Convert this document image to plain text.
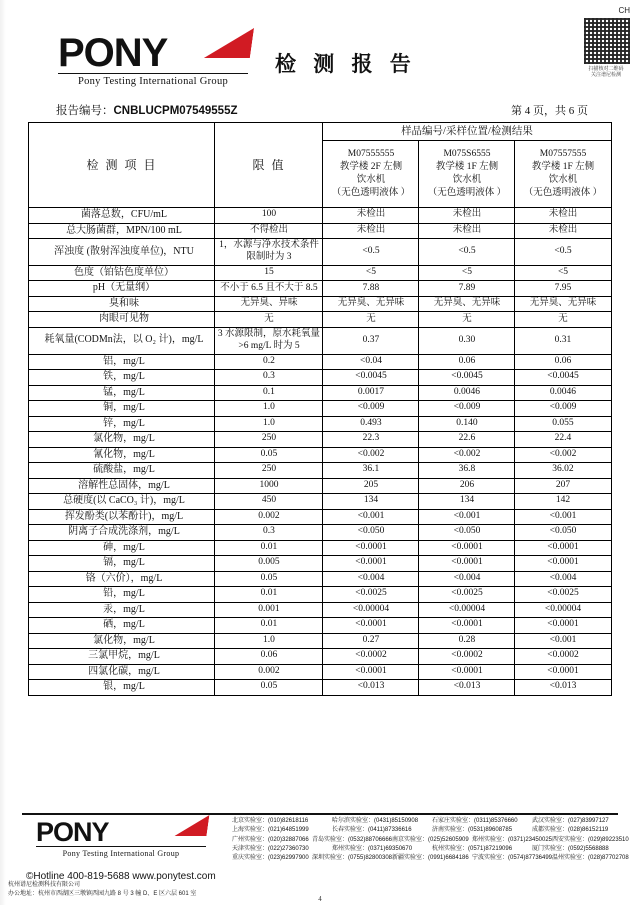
CH
扫描核对二维码
关注谱尼检测
PONY
Pony Testing International Group
检 测 报 告
报告编号：CNBLUCPM07549555Z	第 4 页，共 6 页
检 测 项 目	限 值	样品编号/采样位置/检测结果		

M07555555
教学楼 2F 左侧
饮水机
（无色透明液体 ）

M075S6555
教学楼 1F 左侧
饮水机
（无色透明液体 ）

M07557555
教学楼 1F 左侧
饮水机
（无色透明液体 ）

菌落总数，CFU/mL	100	未检出	未检出	未检出
总大肠菌群，MPN/100 mL	不得检出	未检出	未检出	未检出
浑浊度 (散射浑浊度单位)，NTU	1，水源与净水技术条件限制时为 3	<0.5	<0.5	<0.5
色度（铂钴色度单位）	15	<5	<5	<5
pH（无量纲）	不小于 6.5 且不大于 8.5	7.88	7.89	7.95
臭和味	无异臭、异味	无异臭、无异味	无异臭、无异味	无异臭、无异味
肉眼可见物	无	无	无	无
耗氧量(CODMn法，以 O₂ 计)，mg/L	3 水源限制，原水耗氧量>6 mg/L 时为 5	0.37	0.30	0.31
铝，mg/L	0.2	<0.04	0.06	0.06
铁，mg/L	0.3	<0.0045	<0.0045	<0.0045
锰，mg/L	0.1	0.0017	0.0046	0.0046
铜，mg/L	1.0	<0.009	<0.009	<0.009
锌，mg/L	1.0	0.493	0.140	0.055
氯化物，mg/L	250	22.3	22.6	22.4
氰化物，mg/L	0.05	<0.002	<0.002	<0.002
硫酸盐，mg/L	250	36.1	36.8	36.02
溶解性总固体，mg/L	1000	205	206	207
总硬度(以 CaCO₃ 计)，mg/L	450	134	134	142
挥发酚类(以苯酚计)，mg/L	0.002	<0.001	<0.001	<0.001
阴离子合成洗涤剂，mg/L	0.3	<0.050	<0.050	<0.050
砷，mg/L	0.01	<0.0001	<0.0001	<0.0001
镉，mg/L	0.005	<0.0001	<0.0001	<0.0001
铬（六价），mg/L	0.05	<0.004	<0.004	<0.004
铅，mg/L	0.01	<0.0025	<0.0025	<0.0025
汞，mg/L	0.001	<0.00004	<0.00004	<0.00004
硒，mg/L	0.01	<0.0001	<0.0001	<0.0001
氯化物，mg/L	1.0	0.27	0.28	<0.001
三氯甲烷，mg/L	0.06	<0.0002	<0.0002	<0.0002
四氯化碳，mg/L	0.002	<0.0001	<0.0001	<0.0001
银，mg/L	0.05	<0.013	<0.013	<0.013
PONY
Pony Testing International Group
©Hotline 400-819-5688 www.ponytest.com
北京实验室：(010)82618116	哈尔滨实验室：(0431)85150908	石家庄实验室：(0311)85376660	武汉实验室：(027)83997127
上海实验室：(021)64851999	长春实验室：(0411)87336616	济南实验室：(0531)89608785	成都实验室：(028)86152119
广州实验室：(020)32887066 青岛实验室：(0532)88706666 南京实验室：(025)52605909 郑州实验室：(0371)23450025 西安实验室：(029)89223510
天津实验室：(022)27360730	郑州实验室：(0371)69350670	杭州实验室：(0571)87219096	厦门实验室：(0592)5568888
重庆实验室：(023)62997900 深圳实验室：(0755)82800308 新疆实验室：(0991)6684186 宁波实验室：(0574)87736499 温州实验室：(028)87702708
杭州谱尼检测科技有限公司
办公地址：杭州市西湖区三墩镇西园九路 8 号 3 幢 D、E 区六层 601 室
4
